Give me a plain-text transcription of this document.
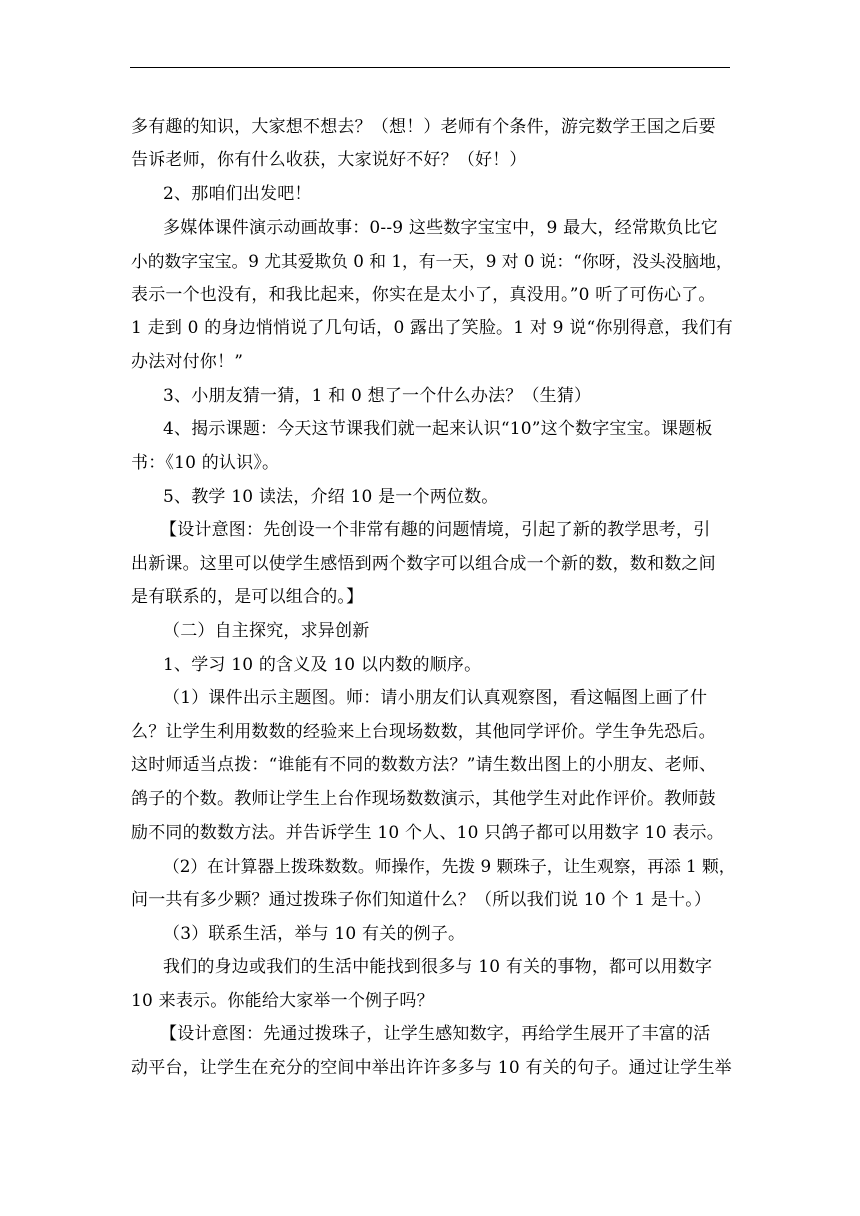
多有趣的知识，大家想不想去？（想！）老师有个条件，游完数学王国之后要
告诉老师，你有什么收获，大家说好不好？（好！）
2、那咱们出发吧！
多媒体课件演示动画故事：0--9 这些数字宝宝中，9 最大，经常欺负比它
小的数字宝宝。9 尤其爱欺负 0 和 1，有一天，9 对 0 说：“你呀，没头没脑地，
表示一个也没有，和我比起来，你实在是太小了，真没用。”0 听了可伤心了。
1 走到 0 的身边悄悄说了几句话，0 露出了笑脸。1 对 9 说“你别得意，我们有
办法对付你！”
3、小朋友猜一猜，1 和 0 想了一个什么办法？（生猜）
4、揭示课题：今天这节课我们就一起来认识“10”这个数字宝宝。课题板
书：《10 的认识》。
5、教学 10 读法，介绍 10 是一个两位数。
【设计意图：先创设一个非常有趣的问题情境，引起了新的教学思考，引
出新课。这里可以使学生感悟到两个数字可以组合成一个新的数，数和数之间
是有联系的，是可以组合的。】
（二）自主探究，求异创新
1、学习 10 的含义及 10 以内数的顺序。
（1）课件出示主题图。师：请小朋友们认真观察图，看这幅图上画了什
么？让学生利用数数的经验来上台现场数数，其他同学评价。学生争先恐后。
这时师适当点拨：“谁能有不同的数数方法？”请生数出图上的小朋友、老师、
鸽子的个数。教师让学生上台作现场数数演示，其他学生对此作评价。教师鼓
励不同的数数方法。并告诉学生 10 个人、10 只鸽子都可以用数字 10 表示。
（2）在计算器上拨珠数数。师操作，先拨 9 颗珠子，让生观察，再添 1 颗，
问一共有多少颗？通过拨珠子你们知道什么？（所以我们说 10 个 1 是十。）
（3）联系生活，举与 10 有关的例子。
我们的身边或我们的生活中能找到很多与 10 有关的事物，都可以用数字
10 来表示。你能给大家举一个例子吗？
【设计意图：先通过拨珠子，让学生感知数字，再给学生展开了丰富的活
动平台，让学生在充分的空间中举出许许多多与 10 有关的句子。通过让学生举
